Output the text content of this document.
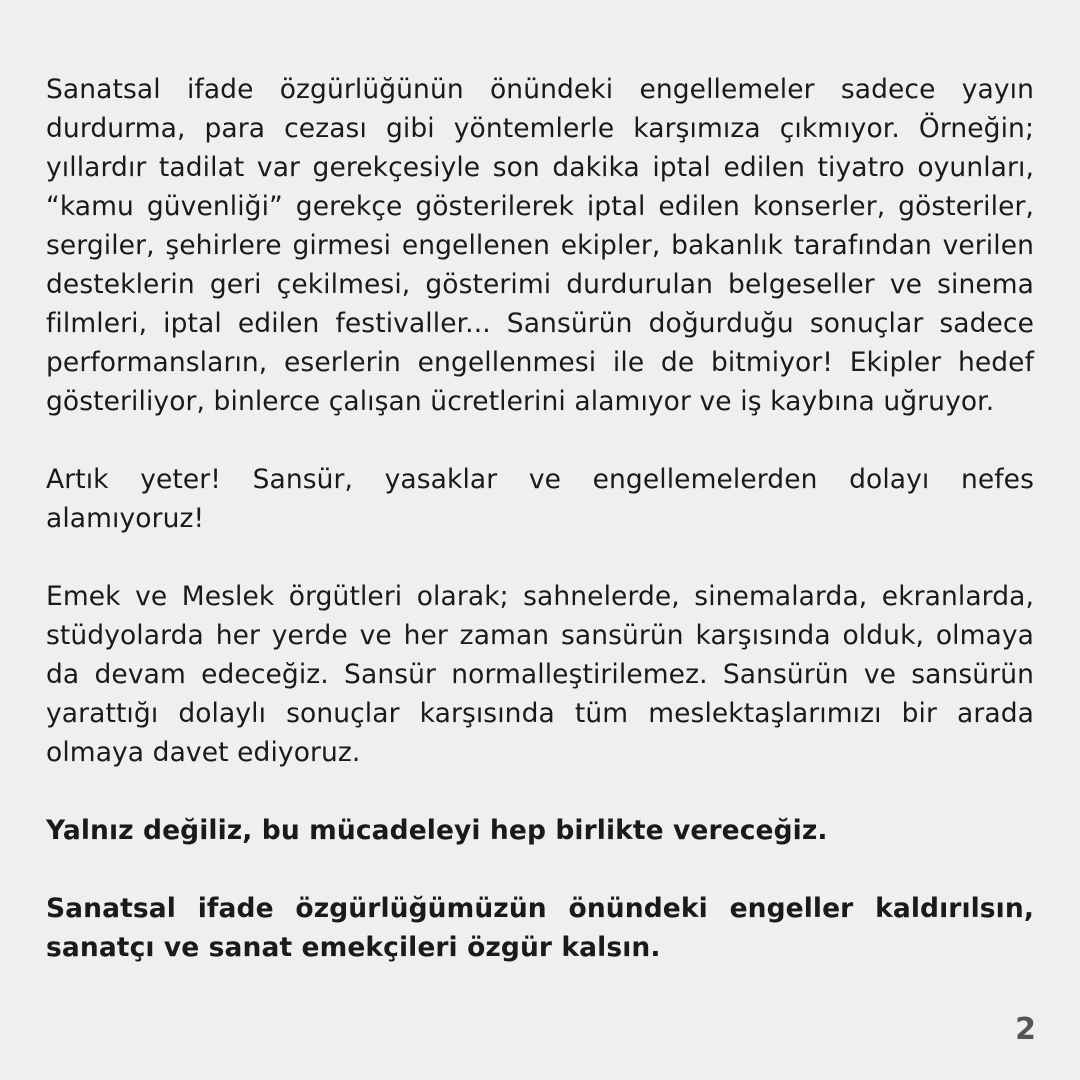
Sanatsal ifade özgürlüğünün önündeki engellemeler sadece yayın durdurma, para cezası gibi yöntemlerle karşımıza çıkmıyor. Örneğin; yıllardır tadilat var gerekçesiyle son dakika iptal edilen tiyatro oyunları, “kamu güvenliği” gerekçe gösterilerek iptal edilen konserler, gösteriler, sergiler, şehirlere girmesi engellenen ekipler, bakanlık tarafından verilen desteklerin geri çekilmesi, gösterimi durdurulan belgeseller ve sinema filmleri, iptal edilen festivaller... Sansürün doğurduğu sonuçlar sadece performansların, eserlerin engellenmesi ile de bitmiyor! Ekipler hedef gösteriliyor, binlerce çalışan ücretlerini alamıyor ve iş kaybına uğruyor.

Artık yeter! Sansür, yasaklar ve engellemelerden dolayı nefes alamıyoruz!

Emek ve Meslek örgütleri olarak; sahnelerde, sinemalarda, ekranlarda, stüdyolarda her yerde ve her zaman sansürün karşısında olduk, olmaya da devam edeceğiz. Sansür normalleştirilemez. Sansürün ve sansürün yarattığı dolaylı sonuçlar karşısında tüm meslektaşlarımızı bir arada olmaya davet ediyoruz.

Yalnız değiliz, bu mücadeleyi hep birlikte vereceğiz.

Sanatsal ifade özgürlüğümüzün önündeki engeller kaldırılsın, sanatçı ve sanat emekçileri özgür kalsın.

2
